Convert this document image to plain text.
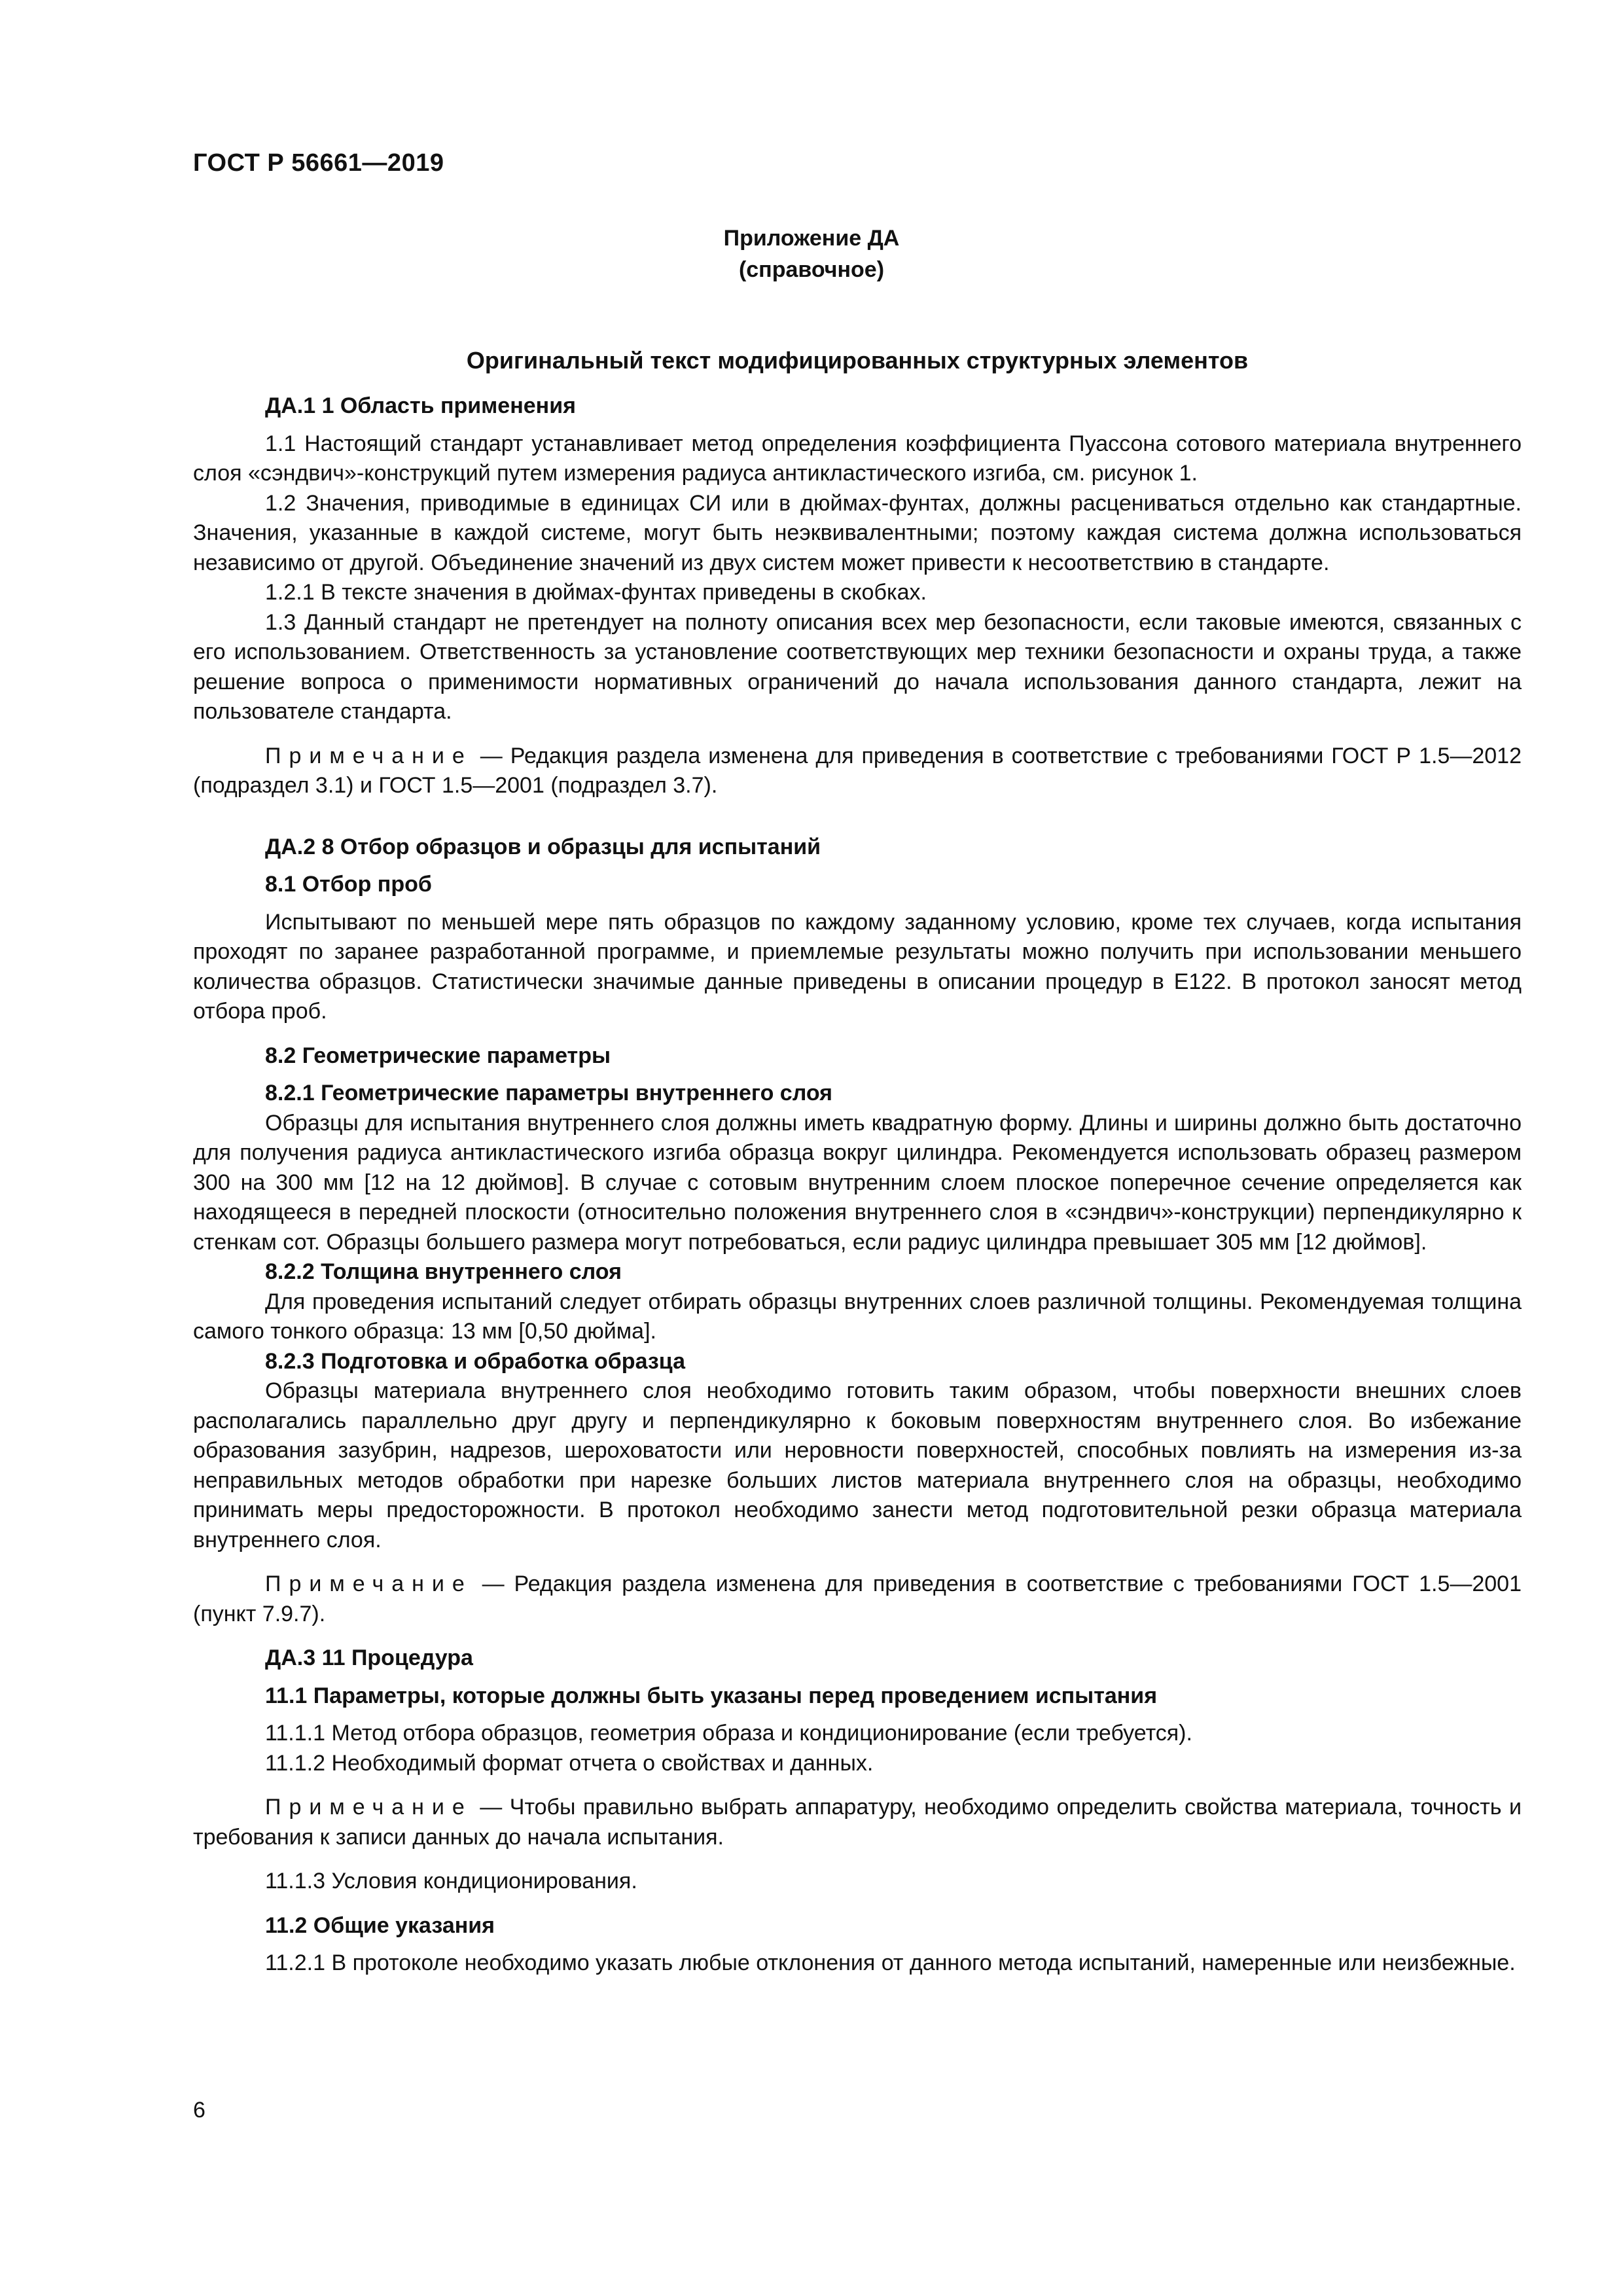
ГОСТ Р 56661—2019
Приложение ДА
(справочное)
Оригинальный текст модифицированных структурных элементов

ДА.1 1 Область применения

1.1 Настоящий стандарт устанавливает метод определения коэффициента Пуассона сотового материала внутреннего слоя «сэндвич»-конструкций путем измерения радиуса антикластического изгиба, см. рисунок 1.

1.2 Значения, приводимые в единицах СИ или в дюймах-фунтах, должны расцениваться отдельно как стандартные. Значения, указанные в каждой системе, могут быть неэквивалентными; поэтому каждая система должна использоваться независимо от другой. Объединение значений из двух систем может привести к несоответствию в стандарте.

1.2.1 В тексте значения в дюймах-фунтах приведены в скобках.

1.3 Данный стандарт не претендует на полноту описания всех мер безопасности, если таковые имеются, связанных с его использованием. Ответственность за установление соответствующих мер техники безопасности и охраны труда, а также решение вопроса о применимости нормативных ограничений до начала использования данного стандарта, лежит на пользователе стандарта.

Примечание — Редакция раздела изменена для приведения в соответствие с требованиями ГОСТ Р 1.5—2012 (подраздел 3.1) и ГОСТ 1.5—2001 (подраздел 3.7).

ДА.2 8 Отбор образцов и образцы для испытаний

8.1 Отбор проб

Испытывают по меньшей мере пять образцов по каждому заданному условию, кроме тех случаев, когда испытания проходят по заранее разработанной программе, и приемлемые результаты можно получить при использовании меньшего количества образцов. Статистически значимые данные приведены в описании процедур в E122. В протокол заносят метод отбора проб.

8.2 Геометрические параметры

8.2.1 Геометрические параметры внутреннего слоя

Образцы для испытания внутреннего слоя должны иметь квадратную форму. Длины и ширины должно быть достаточно для получения радиуса антикластического изгиба образца вокруг цилиндра. Рекомендуется использовать образец размером 300 на 300 мм [12 на 12 дюймов]. В случае с сотовым внутренним слоем плоское поперечное сечение определяется как находящееся в передней плоскости (относительно положения внутреннего слоя в «сэндвич»-конструкции) перпендикулярно к стенкам сот. Образцы большего размера могут потребоваться, если радиус цилиндра превышает 305 мм [12 дюймов].

8.2.2 Толщина внутреннего слоя

Для проведения испытаний следует отбирать образцы внутренних слоев различной толщины. Рекомендуемая толщина самого тонкого образца: 13 мм [0,50 дюйма].

8.2.3 Подготовка и обработка образца

Образцы материала внутреннего слоя необходимо готовить таким образом, чтобы поверхности внешних слоев располагались параллельно друг другу и перпендикулярно к боковым поверхностям внутреннего слоя. Во избежание образования зазубрин, надрезов, шероховатости или неровности поверхностей, способных повлиять на измерения из-за неправильных методов обработки при нарезке больших листов материала внутреннего слоя на образцы, необходимо принимать меры предосторожности. В протокол необходимо занести метод подготовительной резки образца материала внутреннего слоя.

Примечание — Редакция раздела изменена для приведения в соответствие с требованиями ГОСТ 1.5—2001 (пункт 7.9.7).

ДА.3 11 Процедура

11.1 Параметры, которые должны быть указаны перед проведением испытания

11.1.1 Метод отбора образцов, геометрия образа и кондиционирование (если требуется).

11.1.2 Необходимый формат отчета о свойствах и данных.

Примечание — Чтобы правильно выбрать аппаратуру, необходимо определить свойства материала, точность и требования к записи данных до начала испытания.

11.1.3 Условия кондиционирования.

11.2 Общие указания

11.2.1 В протоколе необходимо указать любые отклонения от данного метода испытаний, намеренные или неизбежные.

6
